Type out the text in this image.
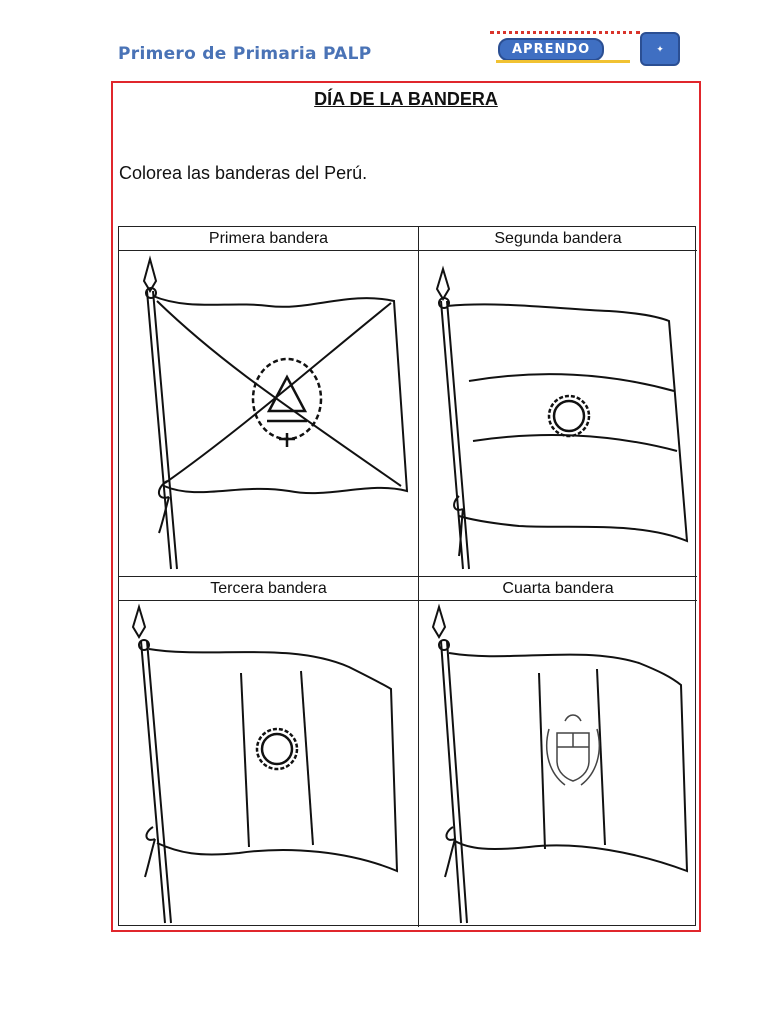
Primero de Primaria PALP	APRENDO	✦
DÍA DE LA BANDERA
Colorea las banderas del Perú.
Primera bandera	Segunda bandera
Tercera bandera	Cuarta bandera
